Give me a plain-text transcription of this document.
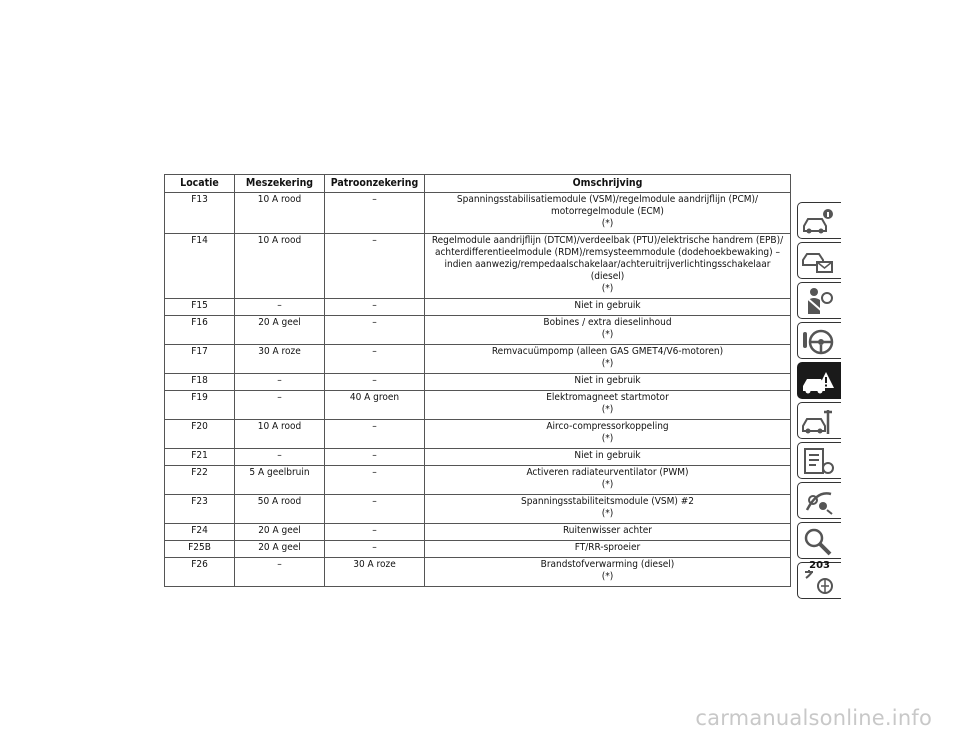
Locatie	Meszekering	Patroonzekering	Omschrijving
F13	10 A rood	–	Spanningsstabilisatiemodule (VSM)/regelmodule aandrijflijn (PCM)/
motorregelmodule (ECM)
(*)
F14	10 A rood	–	Regelmodule aandrijflijn (DTCM)/verdeelbak (PTU)/elektrische handrem (EPB)/
achterdifferentieelmodule (RDM)/remsysteemmodule (dodehoekbewaking) –
indien aanwezig/rempedaalschakelaar/achteruitrijverlichtingsschakelaar (diesel)
(*)
F15	–	–	Niet in gebruik
F16	20 A geel	–	Bobines / extra dieselinhoud
(*)
F17	30 A roze	–	Remvacuümpomp (alleen GAS GMET4/V6-motoren)
(*)
F18	–	–	Niet in gebruik
F19	–	40 A groen	Elektromagneet startmotor
(*)
F20	10 A rood	–	Airco-compressorkoppeling
(*)
F21	–	–	Niet in gebruik
F22	5 A geelbruin	–	Activeren radiateurventilator (PWM)
(*)
F23	50 A rood	–	Spanningsstabiliteitsmodule (VSM) #2
(*)
F24	20 A geel	–	Ruitenwisser achter
F25B	20 A geel	–	FT/RR-sproeier
F26	–	30 A roze	Brandstofverwarming (diesel)
(*)
203
carmanualsonline.info
